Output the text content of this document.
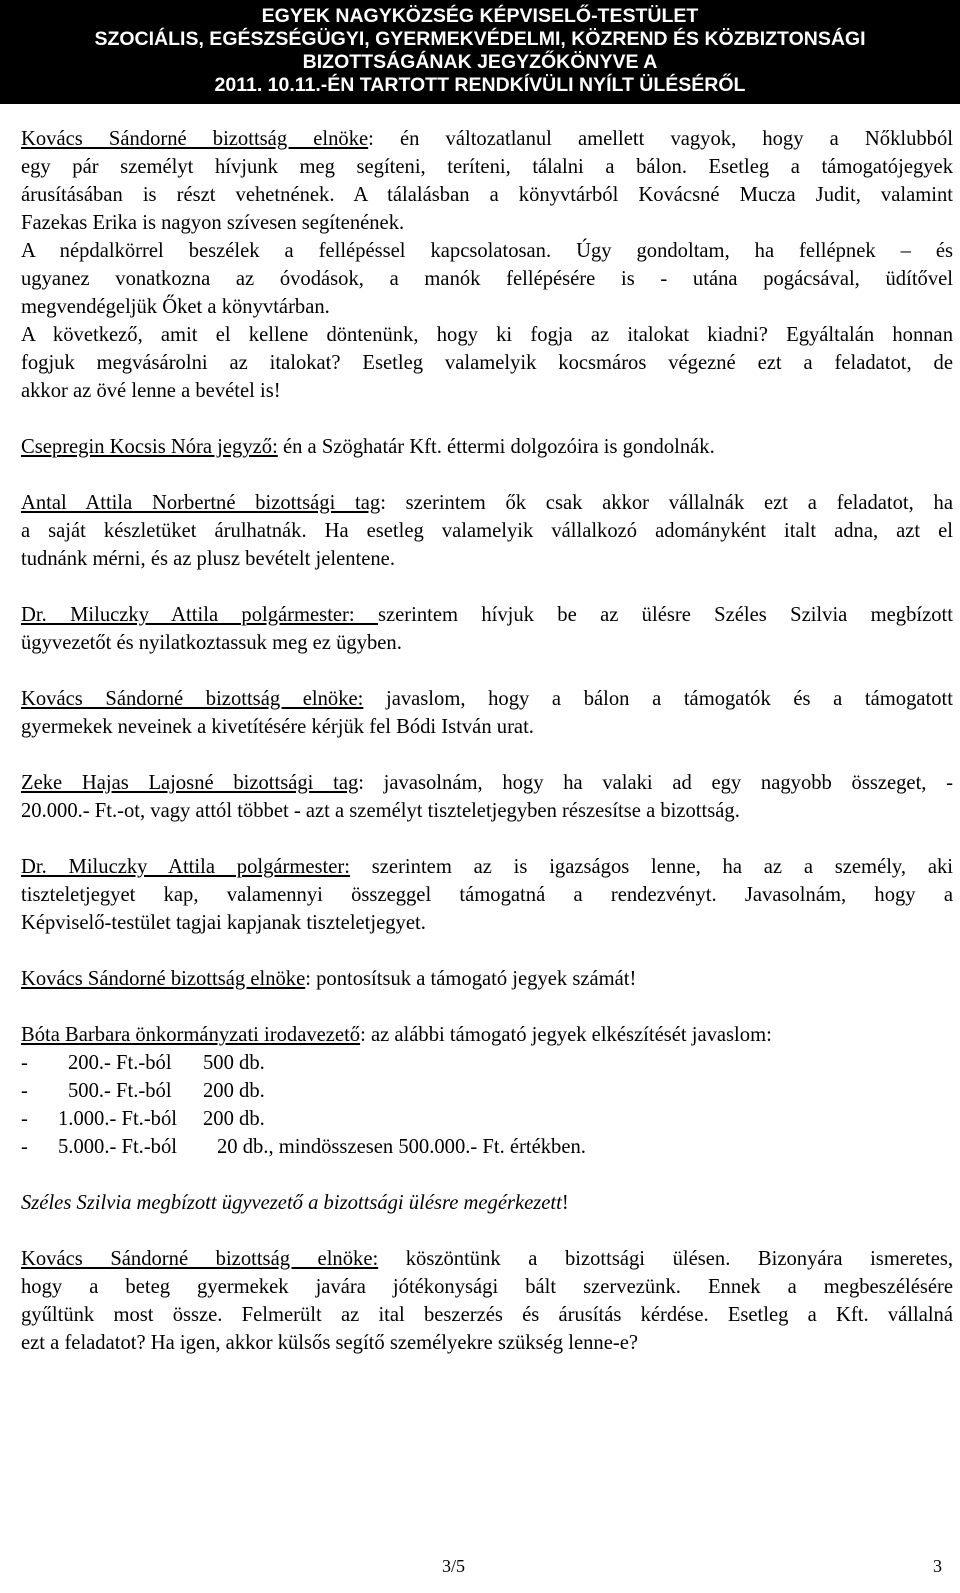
EGYEK NAGYKÖZSÉG KÉPVISELŐ-TESTÜLET
SZOCIÁLIS, EGÉSZSÉGÜGYI, GYERMEKVÉDELMI, KÖZREND ÉS KÖZBIZTONSÁGI
BIZOTTSÁGÁNAK JEGYZŐKÖNYVE A
2011. 10.11.-ÉN TARTOTT RENDKÍVÜLI NYÍLT ÜLÉSÉRŐL
Kovács Sándorné bizottság elnöke: én változatlanul amellett vagyok, hogy a Nőklubból
egy pár személyt hívjunk meg segíteni, teríteni, tálalni a bálon. Esetleg a támogatójegyek
árusításában is részt vehetnének. A tálalásban a könyvtárból Kovácsné Mucza Judit, valamint
Fazekas Erika is nagyon szívesen segítenének.
A népdalkörrel beszélek a fellépéssel kapcsolatosan. Úgy gondoltam, ha fellépnek – és
ugyanez vonatkozna az óvodások, a manók fellépésére is - utána pogácsával, üdítővel
megvendégeljük Őket a könyvtárban.
A következő, amit el kellene döntenünk, hogy ki fogja az italokat kiadni? Egyáltalán honnan
fogjuk megvásárolni az italokat? Esetleg valamelyik kocsmáros végezné ezt a feladatot, de
akkor az övé lenne a bevétel is!
Csepregin Kocsis Nóra jegyző: én a Szöghatár Kft. éttermi dolgozóira is gondolnák.
Antal Attila Norbertné bizottsági tag: szerintem ők csak akkor vállalnák ezt a feladatot, ha
a saját készletüket árulhatnák. Ha esetleg valamelyik vállalkozó adományként italt adna, azt el
tudnánk mérni, és az plusz bevételt jelentene.
Dr. Miluczky Attila polgármester: szerintem hívjuk be az ülésre Széles Szilvia megbízott
ügyvezetőt és nyilatkoztassuk meg ez ügyben.
Kovács Sándorné bizottság elnöke: javaslom, hogy a bálon a támogatók és a támogatott
gyermekek neveinek a kivetítésére kérjük fel Bódi István urat.
Zeke Hajas Lajosné bizottsági tag: javasolnám, hogy ha valaki ad egy nagyobb összeget, -
20.000.- Ft.-ot, vagy attól többet - azt a személyt tiszteletjegyben részesítse a bizottság.
Dr. Miluczky Attila polgármester: szerintem az is igazságos lenne, ha az a személy, aki
tiszteletjegyet kap, valamennyi összeggel támogatná a rendezvényt. Javasolnám, hogy a
Képviselő-testület tagjai kapjanak tiszteletjegyet.
Kovács Sándorné bizottság elnöke: pontosítsuk a támogató jegyek számát!
Bóta Barbara önkormányzati irodavezető: az alábbi támogató jegyek elkészítését javaslom:
- 200.- Ft.-ból 500 db.
- 500.- Ft.-ból 200 db.
- 1.000.- Ft.-ból 200 db.
- 5.000.- Ft.-ból 20 db., mindösszesen 500.000.- Ft. értékben.
Széles Szilvia megbízott ügyvezető a bizottsági ülésre megérkezett!
Kovács Sándorné bizottság elnöke: köszöntünk a bizottsági ülésen. Bizonyára ismeretes,
hogy a beteg gyermekek javára jótékonysági bált szervezünk. Ennek a megbeszélésére
gyűltünk most össze. Felmerült az ital beszerzés és árusítás kérdése. Esetleg a Kft. vállalná
ezt a feladatot? Ha igen, akkor külsős segítő személyekre szükség lenne-e?
3/5	3
